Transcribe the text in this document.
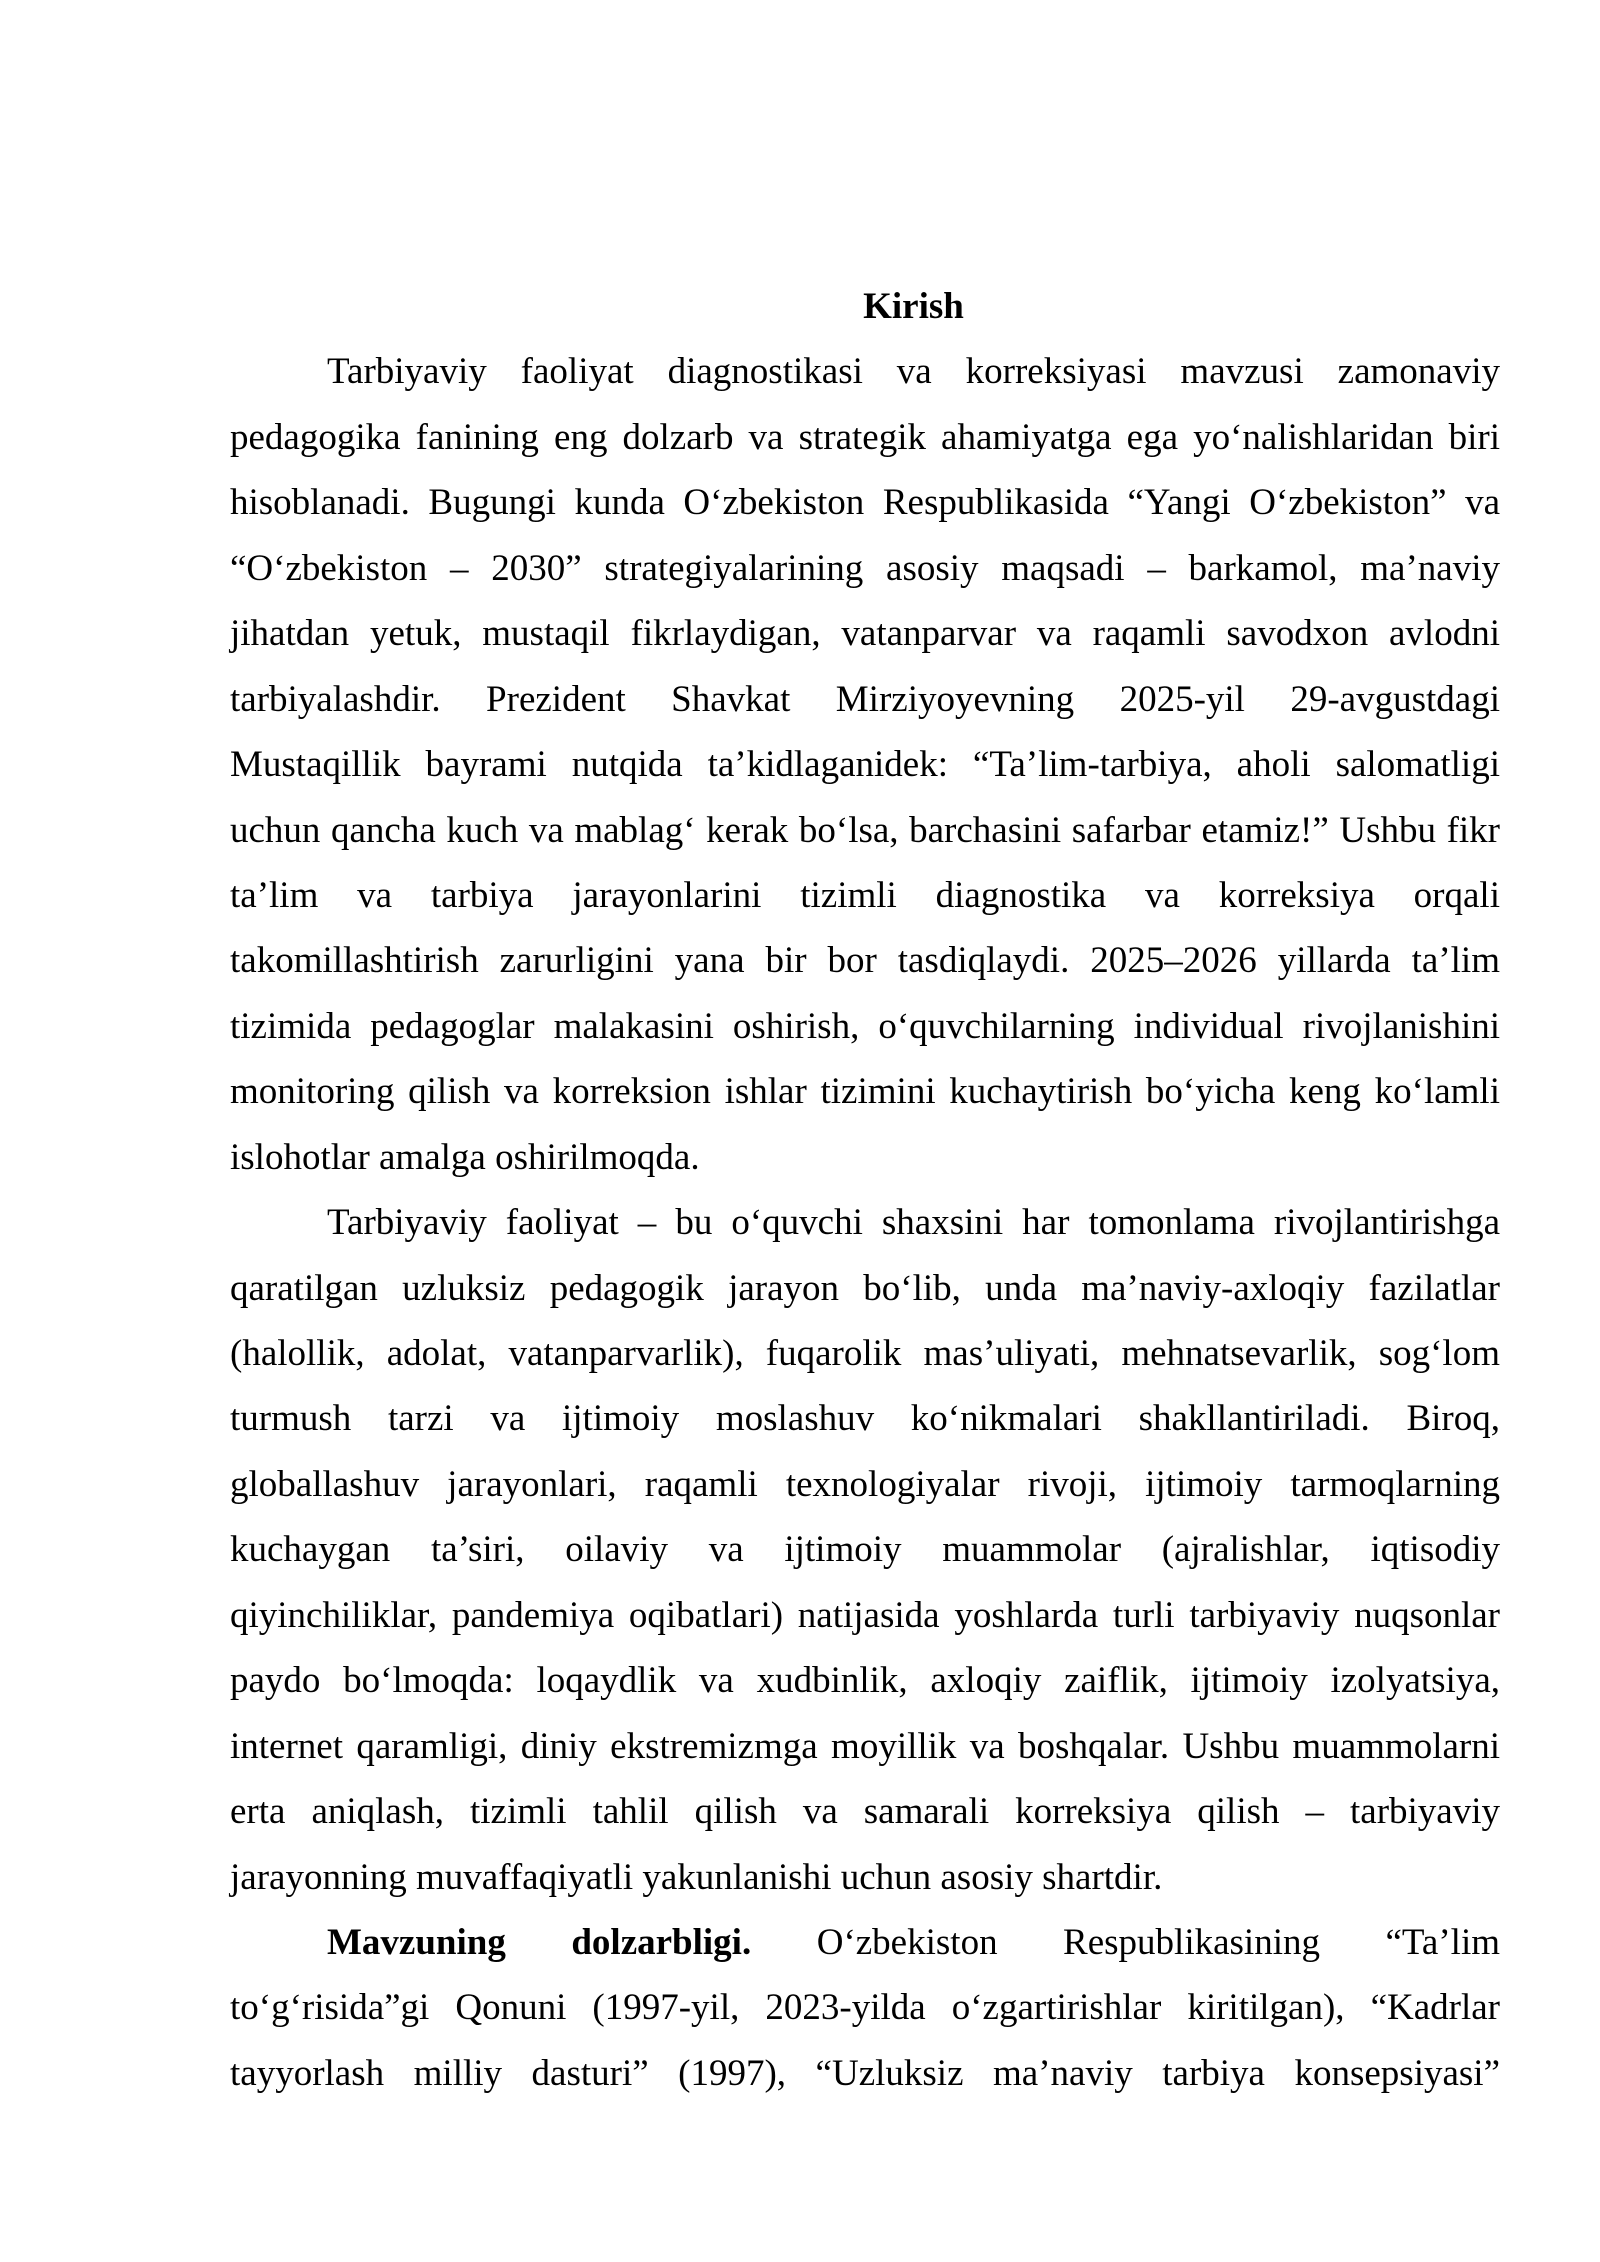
Kirish
Tarbiyaviy faoliyat diagnostikasi va korreksiyasi mavzusi zamonaviy
pedagogika fanining eng dolzarb va strategik ahamiyatga ega yo‘nalishlaridan biri
hisoblanadi. Bugungi kunda O‘zbekiston Respublikasida “Yangi O‘zbekiston” va
“O‘zbekiston – 2030” strategiyalarining asosiy maqsadi – barkamol, ma’naviy
jihatdan yetuk, mustaqil fikrlaydigan, vatanparvar va raqamli savodxon avlodni
tarbiyalashdir. Prezident Shavkat Mirziyoyevning 2025-yil 29-avgustdagi
Mustaqillik bayrami nutqida ta’kidlaganidek: “Ta’lim-tarbiya, aholi salomatligi
uchun qancha kuch va mablag‘ kerak bo‘lsa, barchasini safarbar etamiz!” Ushbu fikr
ta’lim va tarbiya jarayonlarini tizimli diagnostika va korreksiya orqali
takomillashtirish zarurligini yana bir bor tasdiqlaydi. 2025–2026 yillarda ta’lim
tizimida pedagoglar malakasini oshirish, o‘quvchilarning individual rivojlanishini
monitoring qilish va korreksion ishlar tizimini kuchaytirish bo‘yicha keng ko‘lamli
islohotlar amalga oshirilmoqda.
Tarbiyaviy faoliyat – bu o‘quvchi shaxsini har tomonlama rivojlantirishga
qaratilgan uzluksiz pedagogik jarayon bo‘lib, unda ma’naviy-axloqiy fazilatlar
(halollik, adolat, vatanparvarlik), fuqarolik mas’uliyati, mehnatsevarlik, sog‘lom
turmush tarzi va ijtimoiy moslashuv ko‘nikmalari shakllantiriladi. Biroq,
globallashuv jarayonlari, raqamli texnologiyalar rivoji, ijtimoiy tarmoqlarning
kuchaygan ta’siri, oilaviy va ijtimoiy muammolar (ajralishlar, iqtisodiy
qiyinchiliklar, pandemiya oqibatlari) natijasida yoshlarda turli tarbiyaviy nuqsonlar
paydo bo‘lmoqda: loqaydlik va xudbinlik, axloqiy zaiflik, ijtimoiy izolyatsiya,
internet qaramligi, diniy ekstremizmga moyillik va boshqalar. Ushbu muammolarni
erta aniqlash, tizimli tahlil qilish va samarali korreksiya qilish – tarbiyaviy
jarayonning muvaffaqiyatli yakunlanishi uchun asosiy shartdir.
Mavzuning dolzarbligi. O‘zbekiston Respublikasining “Ta’lim
to‘g‘risida”gi Qonuni (1997-yil, 2023-yilda o‘zgartirishlar kiritilgan), “Kadrlar
tayyorlash milliy dasturi” (1997), “Uzluksiz ma’naviy tarbiya konsepsiyasi”
